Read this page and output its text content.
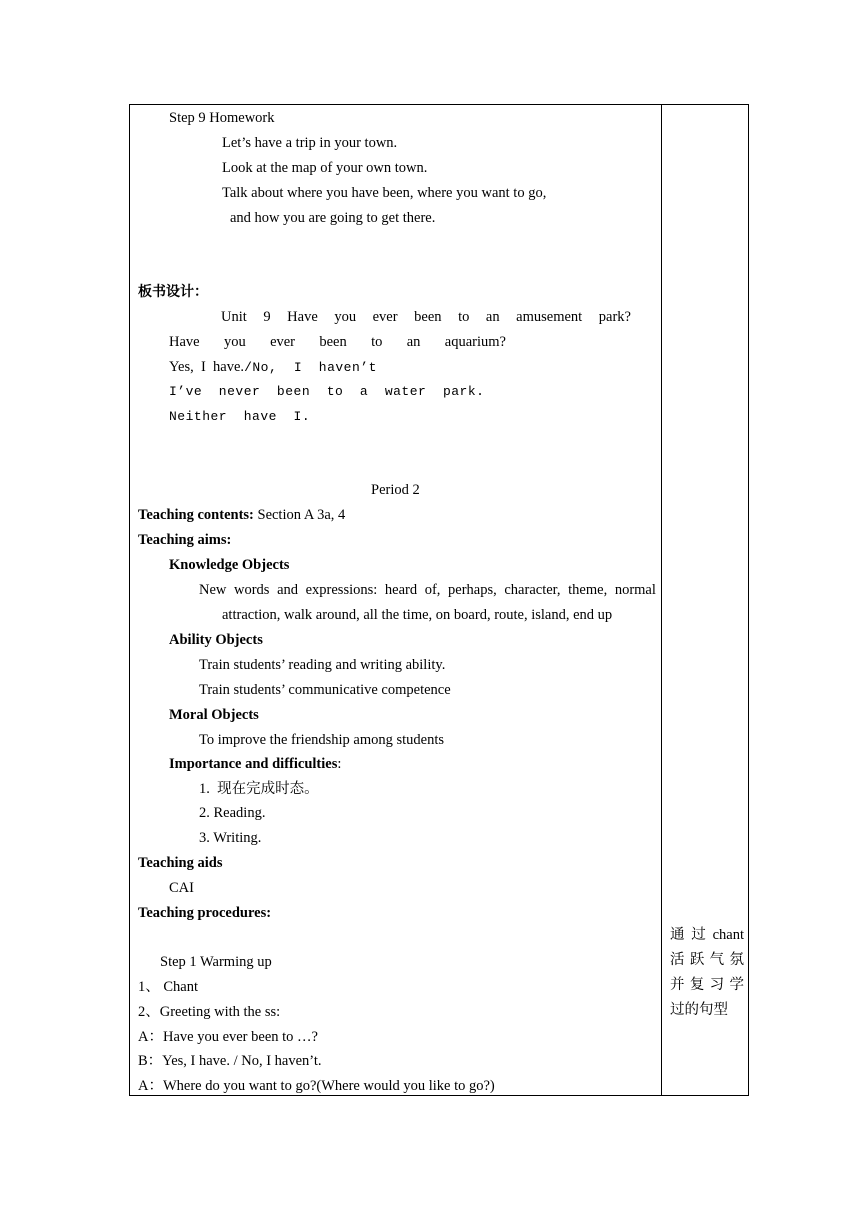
Step 9 Homework
Let’s have a trip in your town.
Look at the map of your own town.
Talk about where you have been, where you want to go,
and how you are going to get there.
板书设计：
Unit 9 Have you ever been to an amusement park?
Have you ever been to an aquarium?
Yes,  I  have./No,  I  haven’t
I’ve  never  been  to  a  water  park.
Neither  have  I.
Period 2
Teaching contents: Section A 3a, 4
Teaching aims:
Knowledge Objects
New words and expressions: heard of, perhaps, character, theme, normal
attraction, walk around, all the time, on board, route, island, end up
Ability Objects
Train students’ reading and writing ability.
Train students’ communicative competence
Moral Objects
To improve the friendship among students
Importance and difficulties:
1.  现在完成时态。
2. Reading.
3. Writing.
Teaching aids
CAI
Teaching procedures:
Step 1 Warming up
1、 Chant
2、Greeting with the ss:
A：Have you ever been to …?
B：Yes, I have. / No, I haven’t.
A：Where do you want to go?(Where would you like to go?)
通 过 chant
活 跃 气 氛
并 复 习 学
过 的 句 型
